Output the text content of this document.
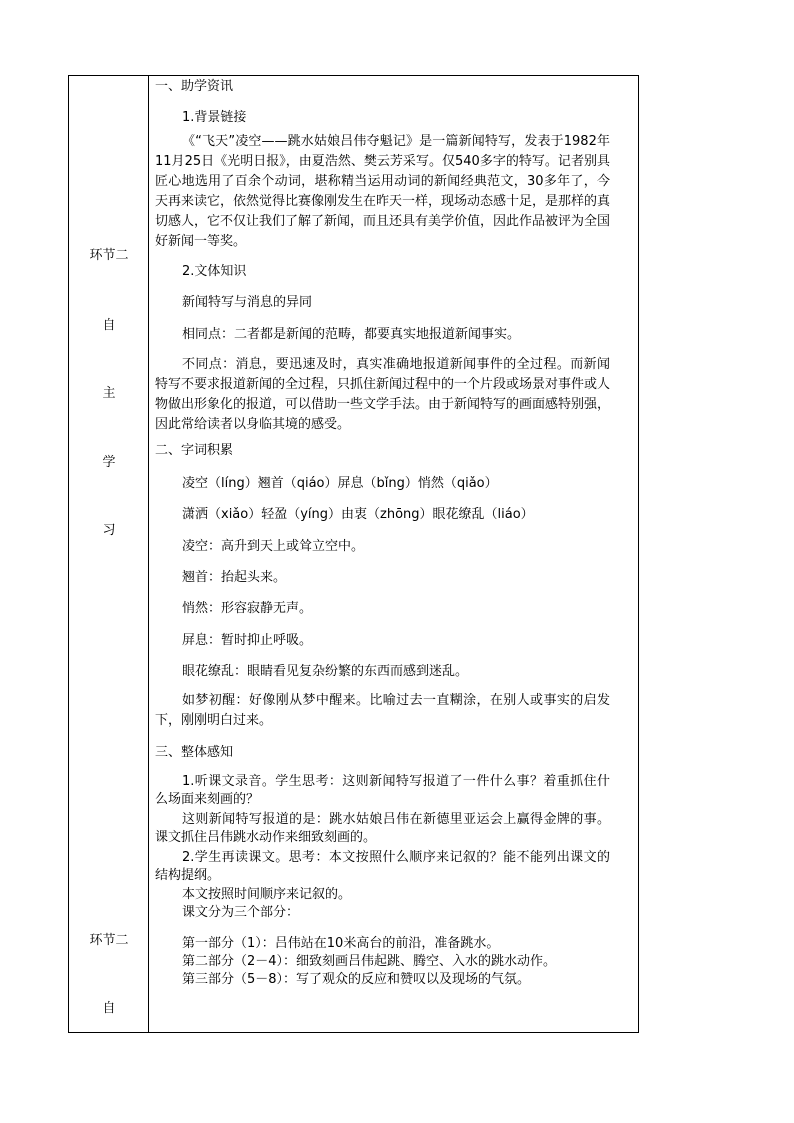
环节二
自
主
学
习
环节二
自
一、助学资讯
1.背景链接
《“飞天”凌空——跳水姑娘吕伟夺魁记》是一篇新闻特写，发表于1982年11月25日《光明日报》，由夏浩然、樊云芳采写。仅540多字的特写。记者别具匠心地选用了百余个动词，堪称精当运用动词的新闻经典范文，30多年了，今天再来读它，依然觉得比赛像刚发生在昨天一样，现场动态感十足，是那样的真切感人，它不仅让我们了解了新闻，而且还具有美学价值，因此作品被评为全国好新闻一等奖。
2.文体知识
新闻特写与消息的异同
相同点：二者都是新闻的范畴，都要真实地报道新闻事实。
不同点：消息，要迅速及时，真实准确地报道新闻事件的全过程。而新闻特写不要求报道新闻的全过程，只抓住新闻过程中的一个片段或场景对事件或人物做出形象化的报道，可以借助一些文学手法。由于新闻特写的画面感特别强，因此常给读者以身临其境的感受。
二、字词积累
凌空（líng）翘首（qiáo）屏息（bǐng）悄然（qiǎo）
潇洒（xiǎo）轻盈（yíng）由衷（zhōng）眼花缭乱（liáo）
凌空：高升到天上或耸立空中。
翘首：抬起头来。
悄然：形容寂静无声。
屏息：暂时抑止呼吸。
眼花缭乱：眼睛看见复杂纷繁的东西而感到迷乱。
如梦初醒：好像刚从梦中醒来。比喻过去一直糊涂，在别人或事实的启发下，刚刚明白过来。
三、整体感知
1.听课文录音。学生思考：这则新闻特写报道了一件什么事？着重抓住什么场面来刻画的？
这则新闻特写报道的是：跳水姑娘吕伟在新德里亚运会上赢得金牌的事。课文抓住吕伟跳水动作来细致刻画的。
2.学生再读课文。思考：本文按照什么顺序来记叙的？能不能列出课文的结构提纲。
本文按照时间顺序来记叙的。
课文分为三个部分：
第一部分（1）：吕伟站在10米高台的前沿，准备跳水。
第二部分（2－4）：细致刻画吕伟起跳、腾空、入水的跳水动作。
第三部分（5－8）：写了观众的反应和赞叹以及现场的气氛。
